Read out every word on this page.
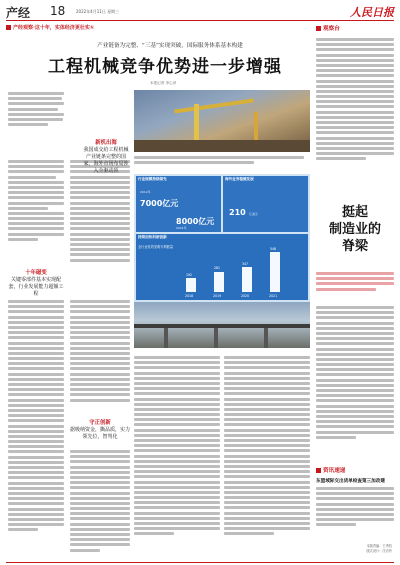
产经 18	2022年4月11日 星期三	人民日报
产经观察·这十年，实体经济更壮实①
产业链备为完整、“三基”实现突破，国际服务体系基本构建
工程机械竞争优势进一步增强
本报记者 李心萍
新机出海
我国成交给工程机械产业链条完整的国家，海外市场布局涉入全驱动顶
十年磁变
关键零部件基本实现配套，行业发展能力超额工程
守正创新
据吸纳资金，撕品质，实力领先位，智驾化
行业规模持续领先
7000亿元
2012年
8000亿元
2021年
海外业务稳健发展
210 亿美元
持续加快科研创新
全行业有效发明专利数量
192
2018
281
2019
347
2020
548
2021
观察台
挺起
制造业的
脊梁
资讯速递
东盟域际交出货单检查第三加改建
本版责编：王秀权
版式设计：沈亦伶
